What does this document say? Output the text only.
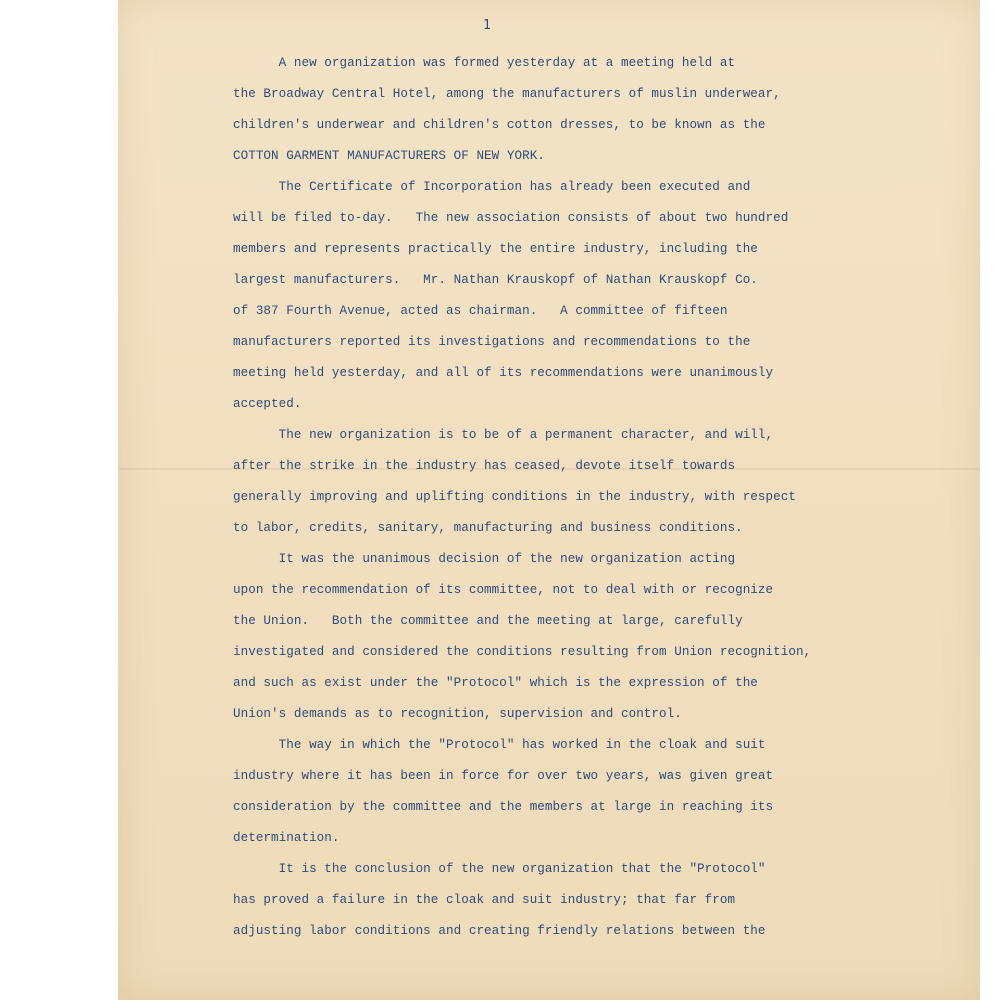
1
A new organization was formed yesterday at a meeting held at
the Broadway Central Hotel, among the manufacturers of muslin underwear,
children's underwear and children's cotton dresses, to be known as the
COTTON GARMENT MANUFACTURERS OF NEW YORK.
The Certificate of Incorporation has already been executed and
will be filed to-day.   The new association consists of about two hundred
members and represents practically the entire industry, including the
largest manufacturers.   Mr. Nathan Krauskopf of Nathan Krauskopf Co.
of 387 Fourth Avenue, acted as chairman.   A committee of fifteen
manufacturers reported its investigations and recommendations to the
meeting held yesterday, and all of its recommendations were unanimously
accepted.
The new organization is to be of a permanent character, and will,
after the strike in the industry has ceased, devote itself towards
generally improving and uplifting conditions in the industry, with respect
to labor, credits, sanitary, manufacturing and business conditions.
It was the unanimous decision of the new organization acting
upon the recommendation of its committee, not to deal with or recognize
the Union.   Both the committee and the meeting at large, carefully
investigated and considered the conditions resulting from Union recognition,
and such as exist under the "Protocol" which is the expression of the
Union's demands as to recognition, supervision and control.
The way in which the "Protocol" has worked in the cloak and suit
industry where it has been in force for over two years, was given great
consideration by the committee and the members at large in reaching its
determination.
It is the conclusion of the new organization that the "Protocol"
has proved a failure in the cloak and suit industry; that far from
adjusting labor conditions and creating friendly relations between the
